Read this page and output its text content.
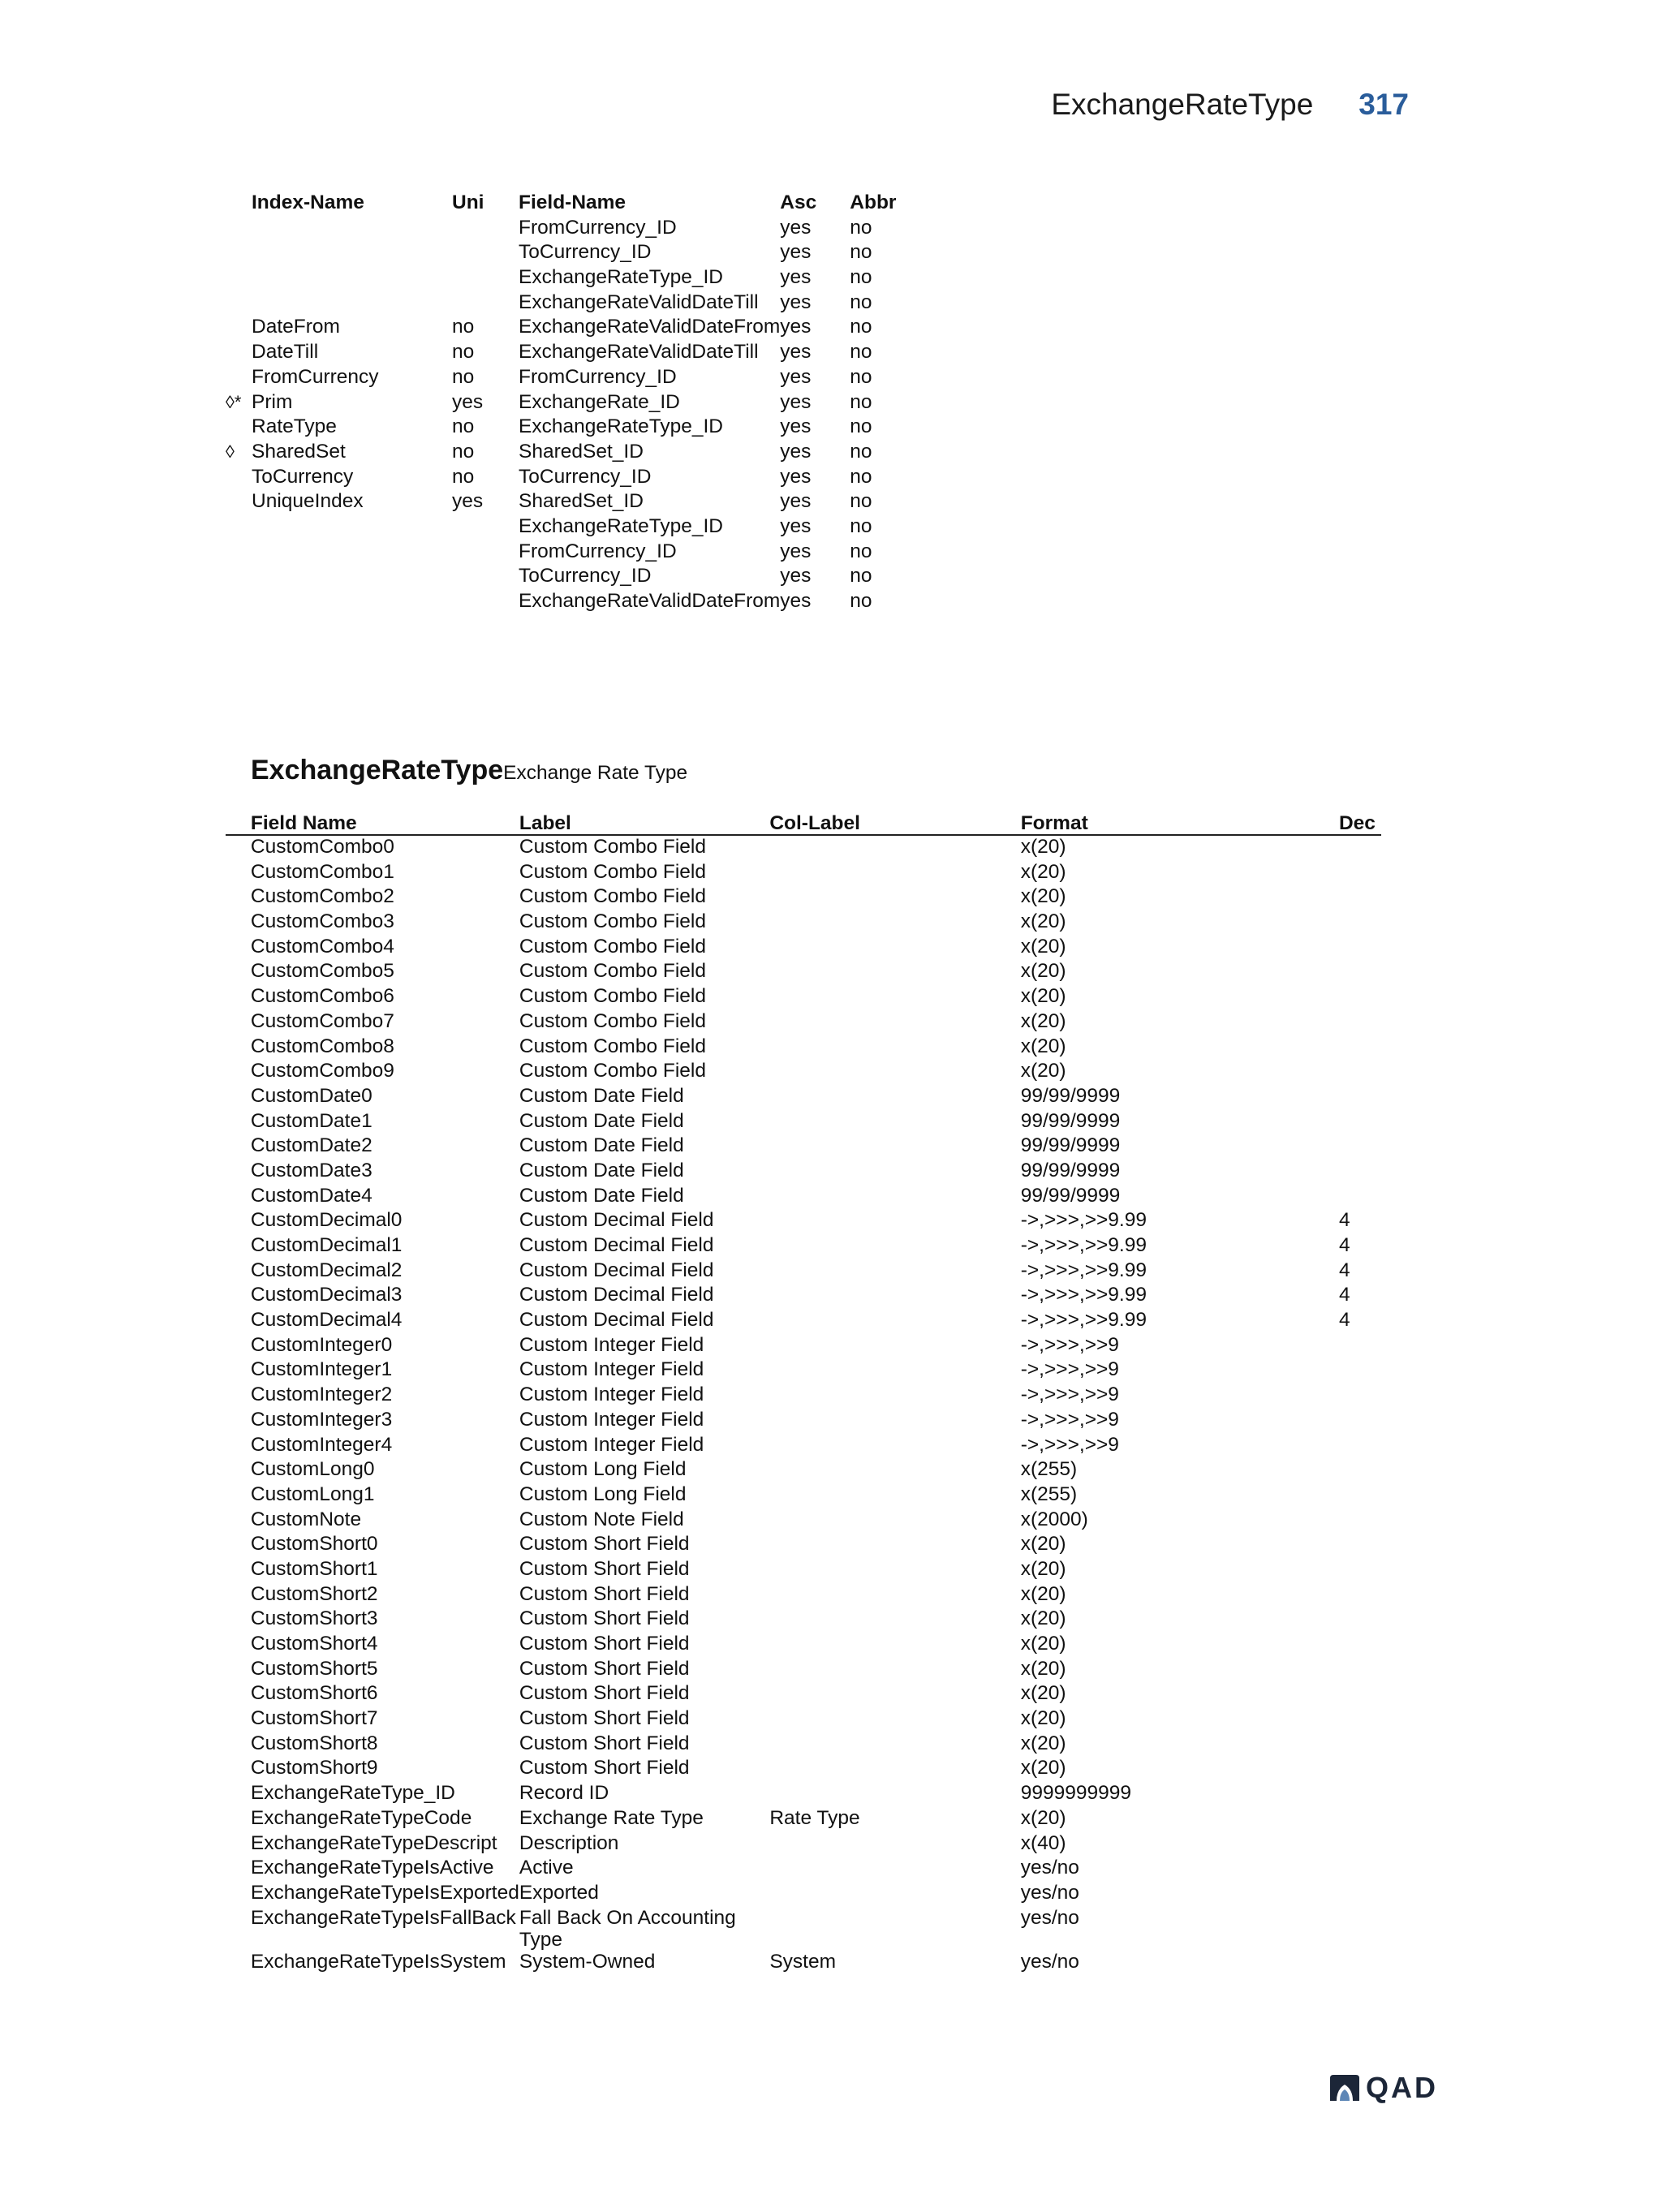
ExchangeRateType 317
	Index-Name	Uni	Field-Name	Asc	Abbr
			FromCurrency_ID	yes	no
			ToCurrency_ID	yes	no
			ExchangeRateType_ID	yes	no
			ExchangeRateValidDateTill	yes	no
	DateFrom	no	ExchangeRateValidDateFrom	yes	no
	DateTill	no	ExchangeRateValidDateTill	yes	no
	FromCurrency	no	FromCurrency_ID	yes	no
◊*	Prim	yes	ExchangeRate_ID	yes	no
	RateType	no	ExchangeRateType_ID	yes	no
◊	SharedSet	no	SharedSet_ID	yes	no
	ToCurrency	no	ToCurrency_ID	yes	no
	UniqueIndex	yes	SharedSet_ID	yes	no
			ExchangeRateType_ID	yes	no
			FromCurrency_ID	yes	no
			ToCurrency_ID	yes	no
			ExchangeRateValidDateFrom	yes	no
ExchangeRateTypeExchange Rate Type
	Field Name	Label	Col-Label	Format	Dec
	CustomCombo0	Custom Combo Field		x(20)	
	CustomCombo1	Custom Combo Field		x(20)	
	CustomCombo2	Custom Combo Field		x(20)	
	CustomCombo3	Custom Combo Field		x(20)	
	CustomCombo4	Custom Combo Field		x(20)	
	CustomCombo5	Custom Combo Field		x(20)	
	CustomCombo6	Custom Combo Field		x(20)	
	CustomCombo7	Custom Combo Field		x(20)	
	CustomCombo8	Custom Combo Field		x(20)	
	CustomCombo9	Custom Combo Field		x(20)	
	CustomDate0	Custom Date Field		99/99/9999	
	CustomDate1	Custom Date Field		99/99/9999	
	CustomDate2	Custom Date Field		99/99/9999	
	CustomDate3	Custom Date Field		99/99/9999	
	CustomDate4	Custom Date Field		99/99/9999	
	CustomDecimal0	Custom Decimal Field		->,>>>,>>9.99	4
	CustomDecimal1	Custom Decimal Field		->,>>>,>>9.99	4
	CustomDecimal2	Custom Decimal Field		->,>>>,>>9.99	4
	CustomDecimal3	Custom Decimal Field		->,>>>,>>9.99	4
	CustomDecimal4	Custom Decimal Field		->,>>>,>>9.99	4
	CustomInteger0	Custom Integer Field		->,>>>,>>9	
	CustomInteger1	Custom Integer Field		->,>>>,>>9	
	CustomInteger2	Custom Integer Field		->,>>>,>>9	
	CustomInteger3	Custom Integer Field		->,>>>,>>9	
	CustomInteger4	Custom Integer Field		->,>>>,>>9	
	CustomLong0	Custom Long Field		x(255)	
	CustomLong1	Custom Long Field		x(255)	
	CustomNote	Custom Note Field		x(2000)	
	CustomShort0	Custom Short Field		x(20)	
	CustomShort1	Custom Short Field		x(20)	
	CustomShort2	Custom Short Field		x(20)	
	CustomShort3	Custom Short Field		x(20)	
	CustomShort4	Custom Short Field		x(20)	
	CustomShort5	Custom Short Field		x(20)	
	CustomShort6	Custom Short Field		x(20)	
	CustomShort7	Custom Short Field		x(20)	
	CustomShort8	Custom Short Field		x(20)	
	CustomShort9	Custom Short Field		x(20)	
	ExchangeRateType_ID	Record ID		9999999999	
	ExchangeRateTypeCode	Exchange Rate Type	Rate Type	x(20)	
	ExchangeRateTypeDescript	Description		x(40)	
	ExchangeRateTypeIsActive	Active		yes/no	
	ExchangeRateTypeIsExported	Exported		yes/no	
	ExchangeRateTypeIsFallBack	Fall Back On Accounting Type		yes/no	
	ExchangeRateTypeIsSystem	System-Owned	System	yes/no	
QAD
